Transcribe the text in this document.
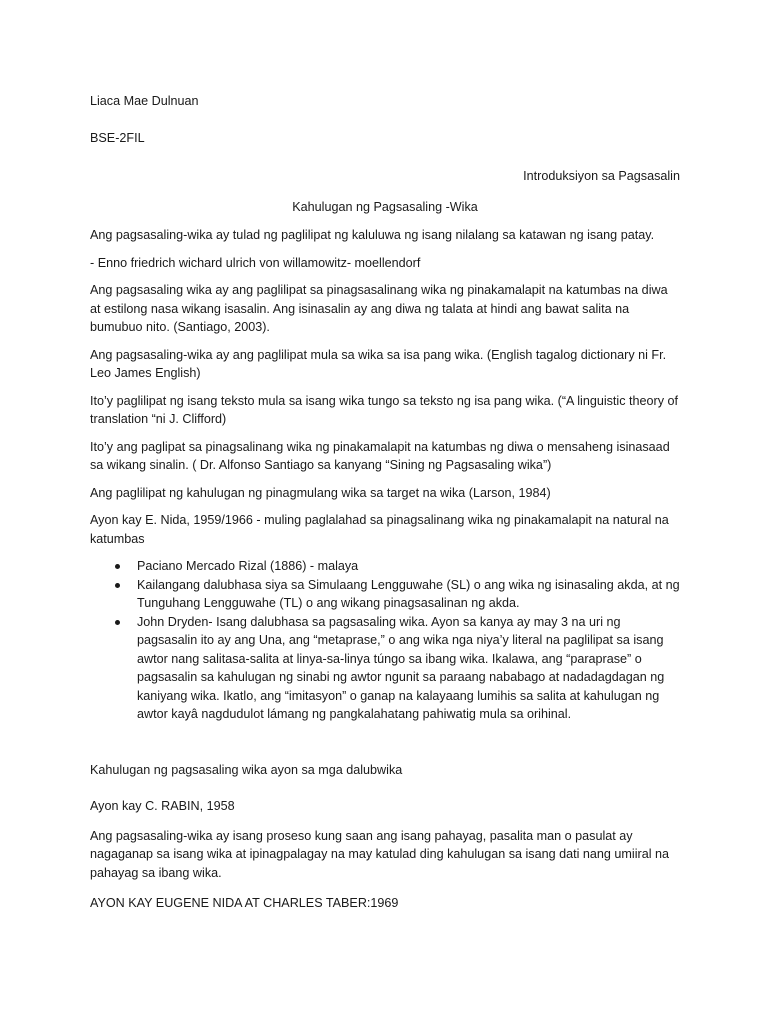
Liaca Mae Dulnuan

BSE-2FIL

Introduksiyon sa Pagsasalin

Kahulugan ng Pagsasaling -Wika

Ang pagsasaling-wika ay tulad ng paglilipat ng kaluluwa ng isang nilalang sa katawan ng isang patay.

- Enno friedrich wichard ulrich von willamowitz- moellendorf

Ang pagsasaling wika ay ang paglilipat sa pinagsasalinang wika ng pinakamalapit na katumbas na diwa at estilong nasa wikang isasalin. Ang isinasalin ay ang diwa ng talata at hindi ang bawat salita na bumubuo nito. (Santiago, 2003).

Ang pagsasaling-wika ay ang paglilipat mula sa wika sa isa pang wika. (English tagalog dictionary ni Fr. Leo James English)

Ito’y paglilipat ng isang teksto mula sa isang wika tungo sa teksto ng isa pang wika. (“A linguistic theory of translation “ni J. Clifford)

Ito’y ang paglipat sa pinagsalinang wika ng pinakamalapit na katumbas ng diwa o mensaheng isinasaad sa wikang sinalin. ( Dr. Alfonso Santiago sa kanyang “Sining ng Pagsasaling wika”)

Ang paglilipat ng kahulugan ng pinagmulang wika sa target na wika (Larson, 1984)

Ayon kay E. Nida, 1959/1966 - muling paglalahad sa pinagsalinang wika ng pinakamalapit na natural na katumbas

Paciano Mercado Rizal (1886) - malaya
Kailangang dalubhasa siya sa Simulaang Lengguwahe (SL) o ang wika ng isinasaling akda, at ng Tunguhang Lengguwahe (TL) o ang wikang pinagsasalinan ng akda.
John Dryden- Isang dalubhasa sa pagsasaling wika. Ayon sa kanya ay may 3 na uri ng pagsasalin ito ay ang Una, ang “metaprase,” o ang wika nga niya’y literal na paglilipat sa isang awtor nang salitasa-salita at linya-sa-linya túngo sa ibang wika. Ikalawa, ang “paraprase” o pagsasalin sa kahulugan ng sinabi ng awtor ngunit sa paraang nababago at nadadagdagan ng kaniyang wika. Ikatlo, ang “imitasyon” o ganap na kalayaang lumihis sa salita at kahulugan ng awtor kayâ nagdudulot lámang ng pangkalahatang pahiwatig mula sa orihinal.

Kahulugan ng pagsasaling wika ayon sa mga dalubwika

Ayon kay C. RABIN, 1958

Ang pagsasaling-wika ay isang proseso kung saan ang isang pahayag, pasalita man o pasulat ay nagaganap sa isang wika at ipinagpalagay na may katulad ding kahulugan sa isang dati nang umiiral na pahayag sa ibang wika.

AYON KAY EUGENE NIDA AT CHARLES TABER:1969
